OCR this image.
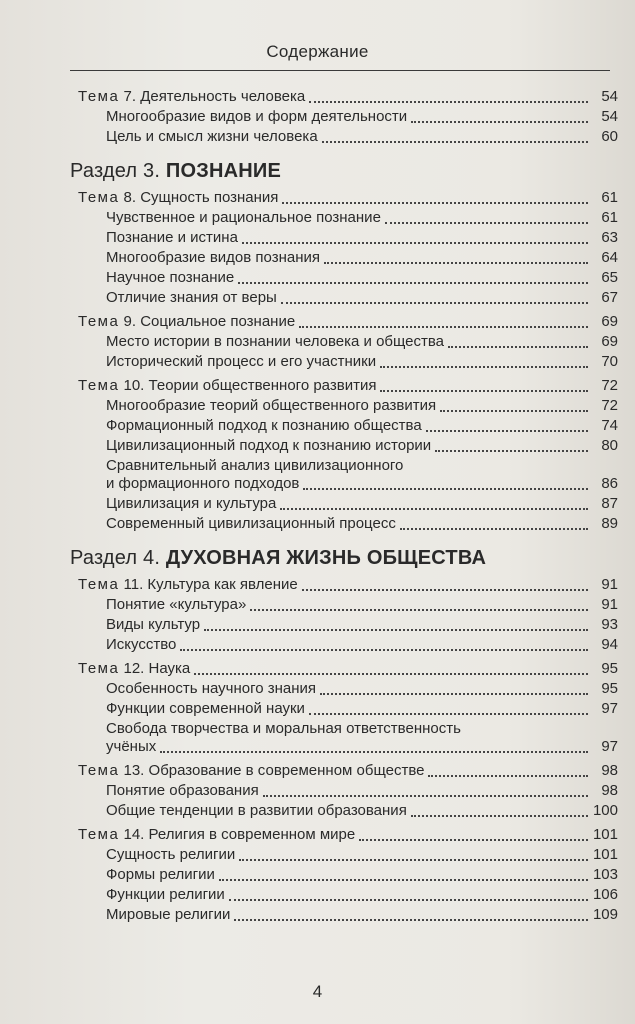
Содержание
Тема 7. Деятельность человека	54
Многообразие видов и форм деятельности	54
Цель и смысл жизни человека	60
Раздел 3. ПОЗНАНИЕ
Тема 8. Сущность познания	61
Чувственное и рациональное познание	61
Познание и истина	63
Многообразие видов познания	64
Научное познание	65
Отличие знания от веры	67
Тема 9. Социальное познание	69
Место истории в познании человека и общества	69
Исторический процесс и его участники	70
Тема 10. Теории общественного развития	72
Многообразие теорий общественного развития	72
Формационный подход к познанию общества	74
Цивилизационный подход к познанию истории	80
Сравнительный анализ цивилизационного
и формационного подходов	86
Цивилизация и культура	87
Современный цивилизационный процесс	89
Раздел 4. ДУХОВНАЯ ЖИЗНЬ ОБЩЕСТВА
Тема 11. Культура как явление	91
Понятие «культура»	91
Виды культур	93
Искусство	94
Тема 12. Наука	95
Особенность научного знания	95
Функции современной науки	97
Свобода творчества и моральная ответственность
учёных	97
Тема 13. Образование в современном обществе	98
Понятие образования	98
Общие тенденции в развитии образования	100
Тема 14. Религия в современном мире	101
Сущность религии	101
Формы религии	103
Функции религии	106
Мировые религии	109
4
